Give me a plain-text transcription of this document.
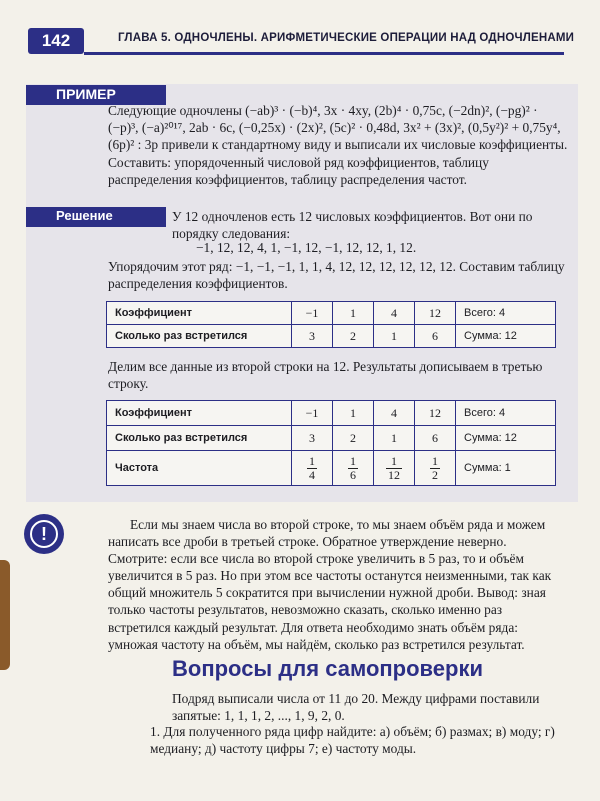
142	ГЛАВА 5. ОДНОЧЛЕНЫ. АРИФМЕТИЧЕСКИЕ ОПЕРАЦИИ НАД ОДНОЧЛЕНАМИ
ПРИМЕР
Следующие одночлены (−ab)³ · (−b)⁴, 3x · 4xy, (2b)⁴ · 0,75c, (−2dn)², (−pg)² · (−p)³, (−a)²⁰¹⁷, 2ab · 6c, (−0,25x) · (2x)², (5c)² · 0,48d, 3x² + (3x)², (0,5y²)² + 0,75y⁴, (6p)² : 3p привели к стандартному виду и выписали их числовые коэффициенты. Составить: упорядоченный числовой ряд коэффициентов, таблицу распределения коэффициентов, таблицу распределения частот.
Решение	У 12 одночленов есть 12 числовых коэффициентов. Вот они по порядку следования:
−1, 12, 12, 4, 1, −1, 12, −1, 12, 12, 1, 12.
Упорядочим этот ряд: −1, −1, −1, 1, 1, 4, 12, 12, 12, 12, 12, 12. Составим таблицу распределения коэффициентов.
Коэффициент	−1	1	4	12	Всего: 4
Сколько раз встретился	3	2	1	6	Сумма: 12
Делим все данные из второй строки на 12. Результаты дописываем в третью строку.
Коэффициент	−1	1	4	12	Всего: 4
Сколько раз встретился	3	2	1	6	Сумма: 12
Частота	$\frac{1}{4}$	$\frac{1}{6}$	$\frac{1}{12}$	$\frac{1}{2}$	Сумма: 1
!	Если мы знаем числа во второй строке, то мы знаем объём ряда и можем написать все дроби в третьей строке. Обратное утверждение неверно. Смотрите: если все числа во второй строке увеличить в 5 раз, то и объём увеличится в 5 раз. Но при этом все частоты останутся неизменными, так как общий множитель 5 сократится при вычислении нужной дроби. Вывод: зная только частоты результатов, невозможно сказать, сколько именно раз встретился каждый результат. Для ответа необходимо знать объём ряда: умножая частоту на объём, мы найдём, сколько раз встретился результат.
Вопросы для самопроверки
Подряд выписали числа от 11 до 20. Между цифрами поставили запятые: 1, 1, 1, 2, ..., 1, 9, 2, 0.
1. Для полученного ряда цифр найдите: а) объём; б) размах; в) моду; г) медиану; д) частоту цифры 7; е) частоту моды.
